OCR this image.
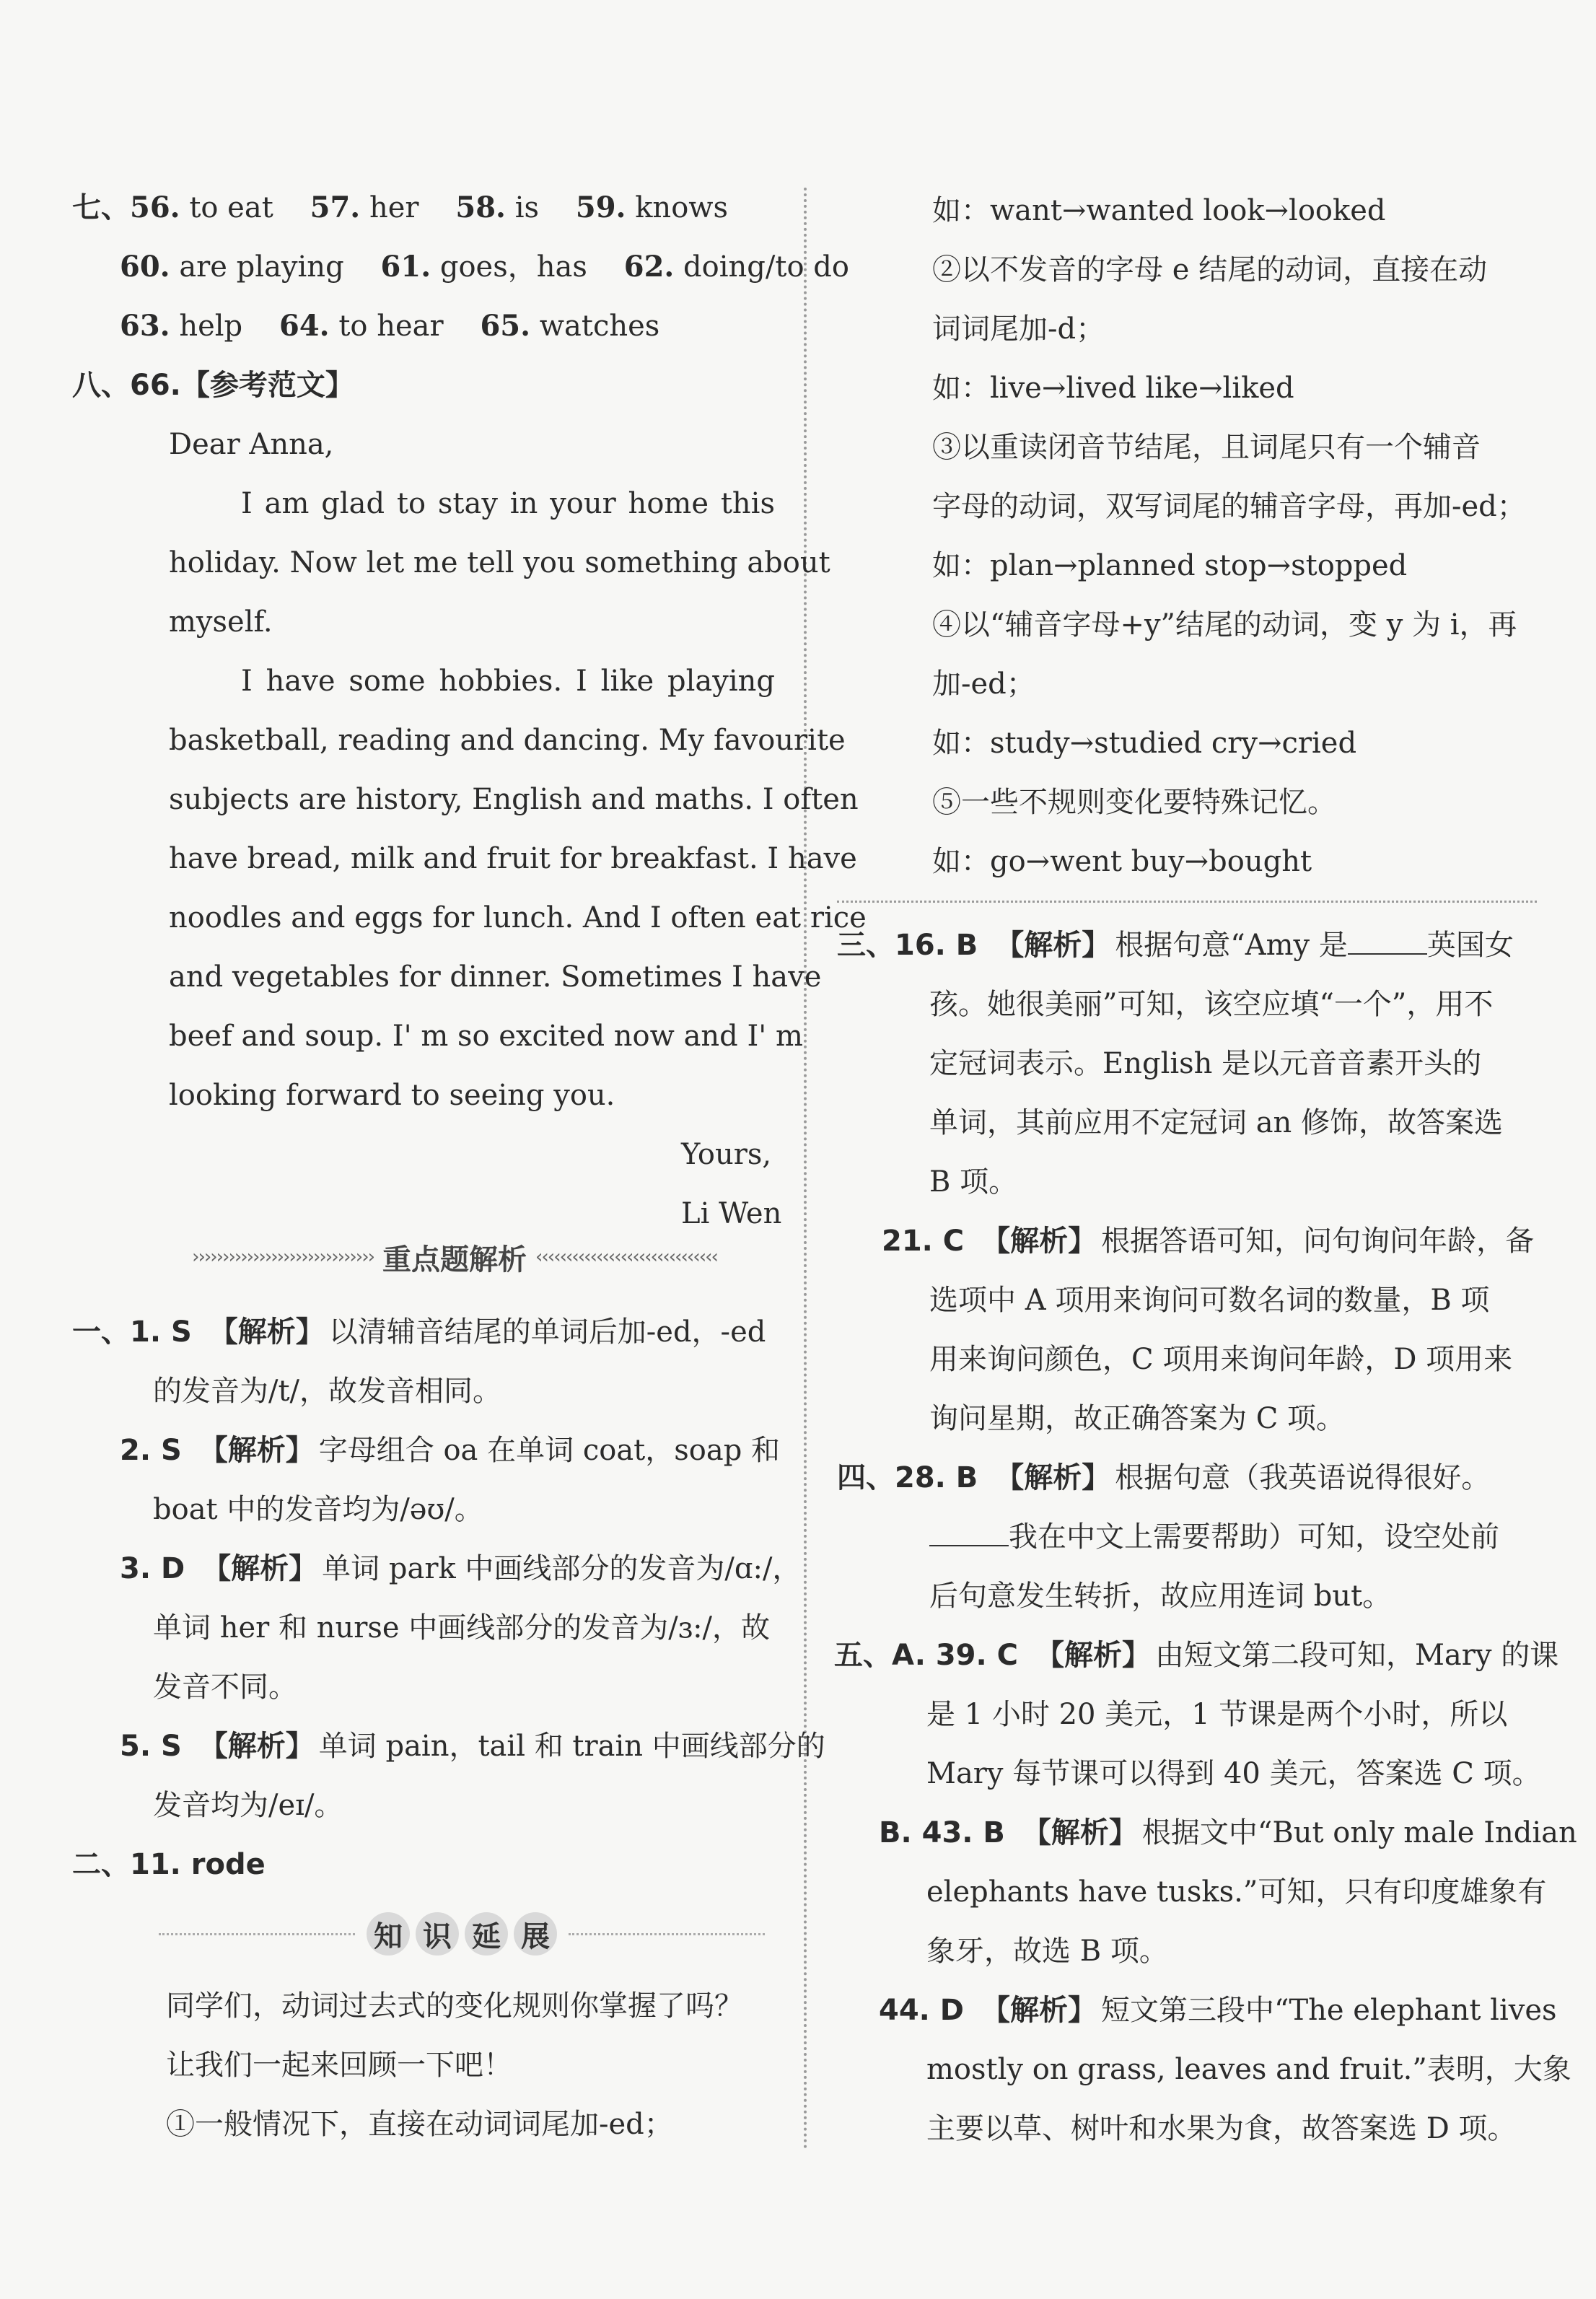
七、56. to eat 57. her 58. is 59. knows
60. are playing 61. goes，has 62. doing/to do
63. help 64. to hear 65. watches
八、66.【参考范文】
Dear Anna,
I am glad to stay in your home this
holiday. Now let me tell you something about
myself.
I have some hobbies. I like playing
basketball, reading and dancing. My favourite
subjects are history, English and maths. I often
have bread, milk and fruit for breakfast. I have
noodles and eggs for lunch. And I often eat rice
and vegetables for dinner. Sometimes I have
beef and soup. I' m so excited now and I' m
looking forward to seeing you.
Yours,
Li Wen
›››››››››››››››››››››››››››››› 重点题解析 ‹‹‹‹‹‹‹‹‹‹‹‹‹‹‹‹‹‹‹‹‹‹‹‹‹‹‹‹‹‹
一、1. S 【解析】 以清辅音结尾的单词后加-ed，-ed
的发音为/t/，故发音相同。
2. S 【解析】 字母组合 oa 在单词 coat，soap 和
boat 中的发音均为/əʊ/。
3. D 【解析】 单词 park 中画线部分的发音为/ɑ:/，
单词 her 和 nurse 中画线部分的发音为/ɜ:/，故
发音不同。
5. S 【解析】 单词 pain，tail 和 train 中画线部分的
发音均为/eɪ/。
二、11. rode
知 识 延 展
同学们，动词过去式的变化规则你掌握了吗？
让我们一起来回顾一下吧！
①一般情况下，直接在动词词尾加-ed；
如：want→wanted look→looked
②以不发音的字母 e 结尾的动词，直接在动
词词尾加-d；
如：live→lived like→liked
③以重读闭音节结尾，且词尾只有一个辅音
字母的动词，双写词尾的辅音字母，再加-ed；
如：plan→planned stop→stopped
④以“辅音字母+y”结尾的动词，变 y 为 i，再
加-ed；
如：study→studied cry→cried
⑤一些不规则变化要特殊记忆。
如：go→went buy→bought
三、16. B 【解析】 根据句意“Amy 是	英国女
孩。她很美丽”可知，该空应填“一个”，用不
定冠词表示。English 是以元音音素开头的
单词，其前应用不定冠词 an 修饰，故答案选
B 项。
21. C 【解析】 根据答语可知，问句询问年龄，备
选项中 A 项用来询问可数名词的数量，B 项
用来询问颜色，C 项用来询问年龄，D 项用来
询问星期，故正确答案为 C 项。
四、28. B 【解析】 根据句意（我英语说得很好。
我在中文上需要帮助）可知，设空处前
后句意发生转折，故应用连词 but。
五、A. 39. C 【解析】 由短文第二段可知，Mary 的课
是 1 小时 20 美元，1 节课是两个小时，所以
Mary 每节课可以得到 40 美元，答案选 C 项。
B. 43. B 【解析】 根据文中“But only male Indian
elephants have tusks.”可知，只有印度雄象有
象牙，故选 B 项。
44. D 【解析】 短文第三段中“The elephant lives
mostly on grass, leaves and fruit.”表明，大象
主要以草、树叶和水果为食，故答案选 D 项。
